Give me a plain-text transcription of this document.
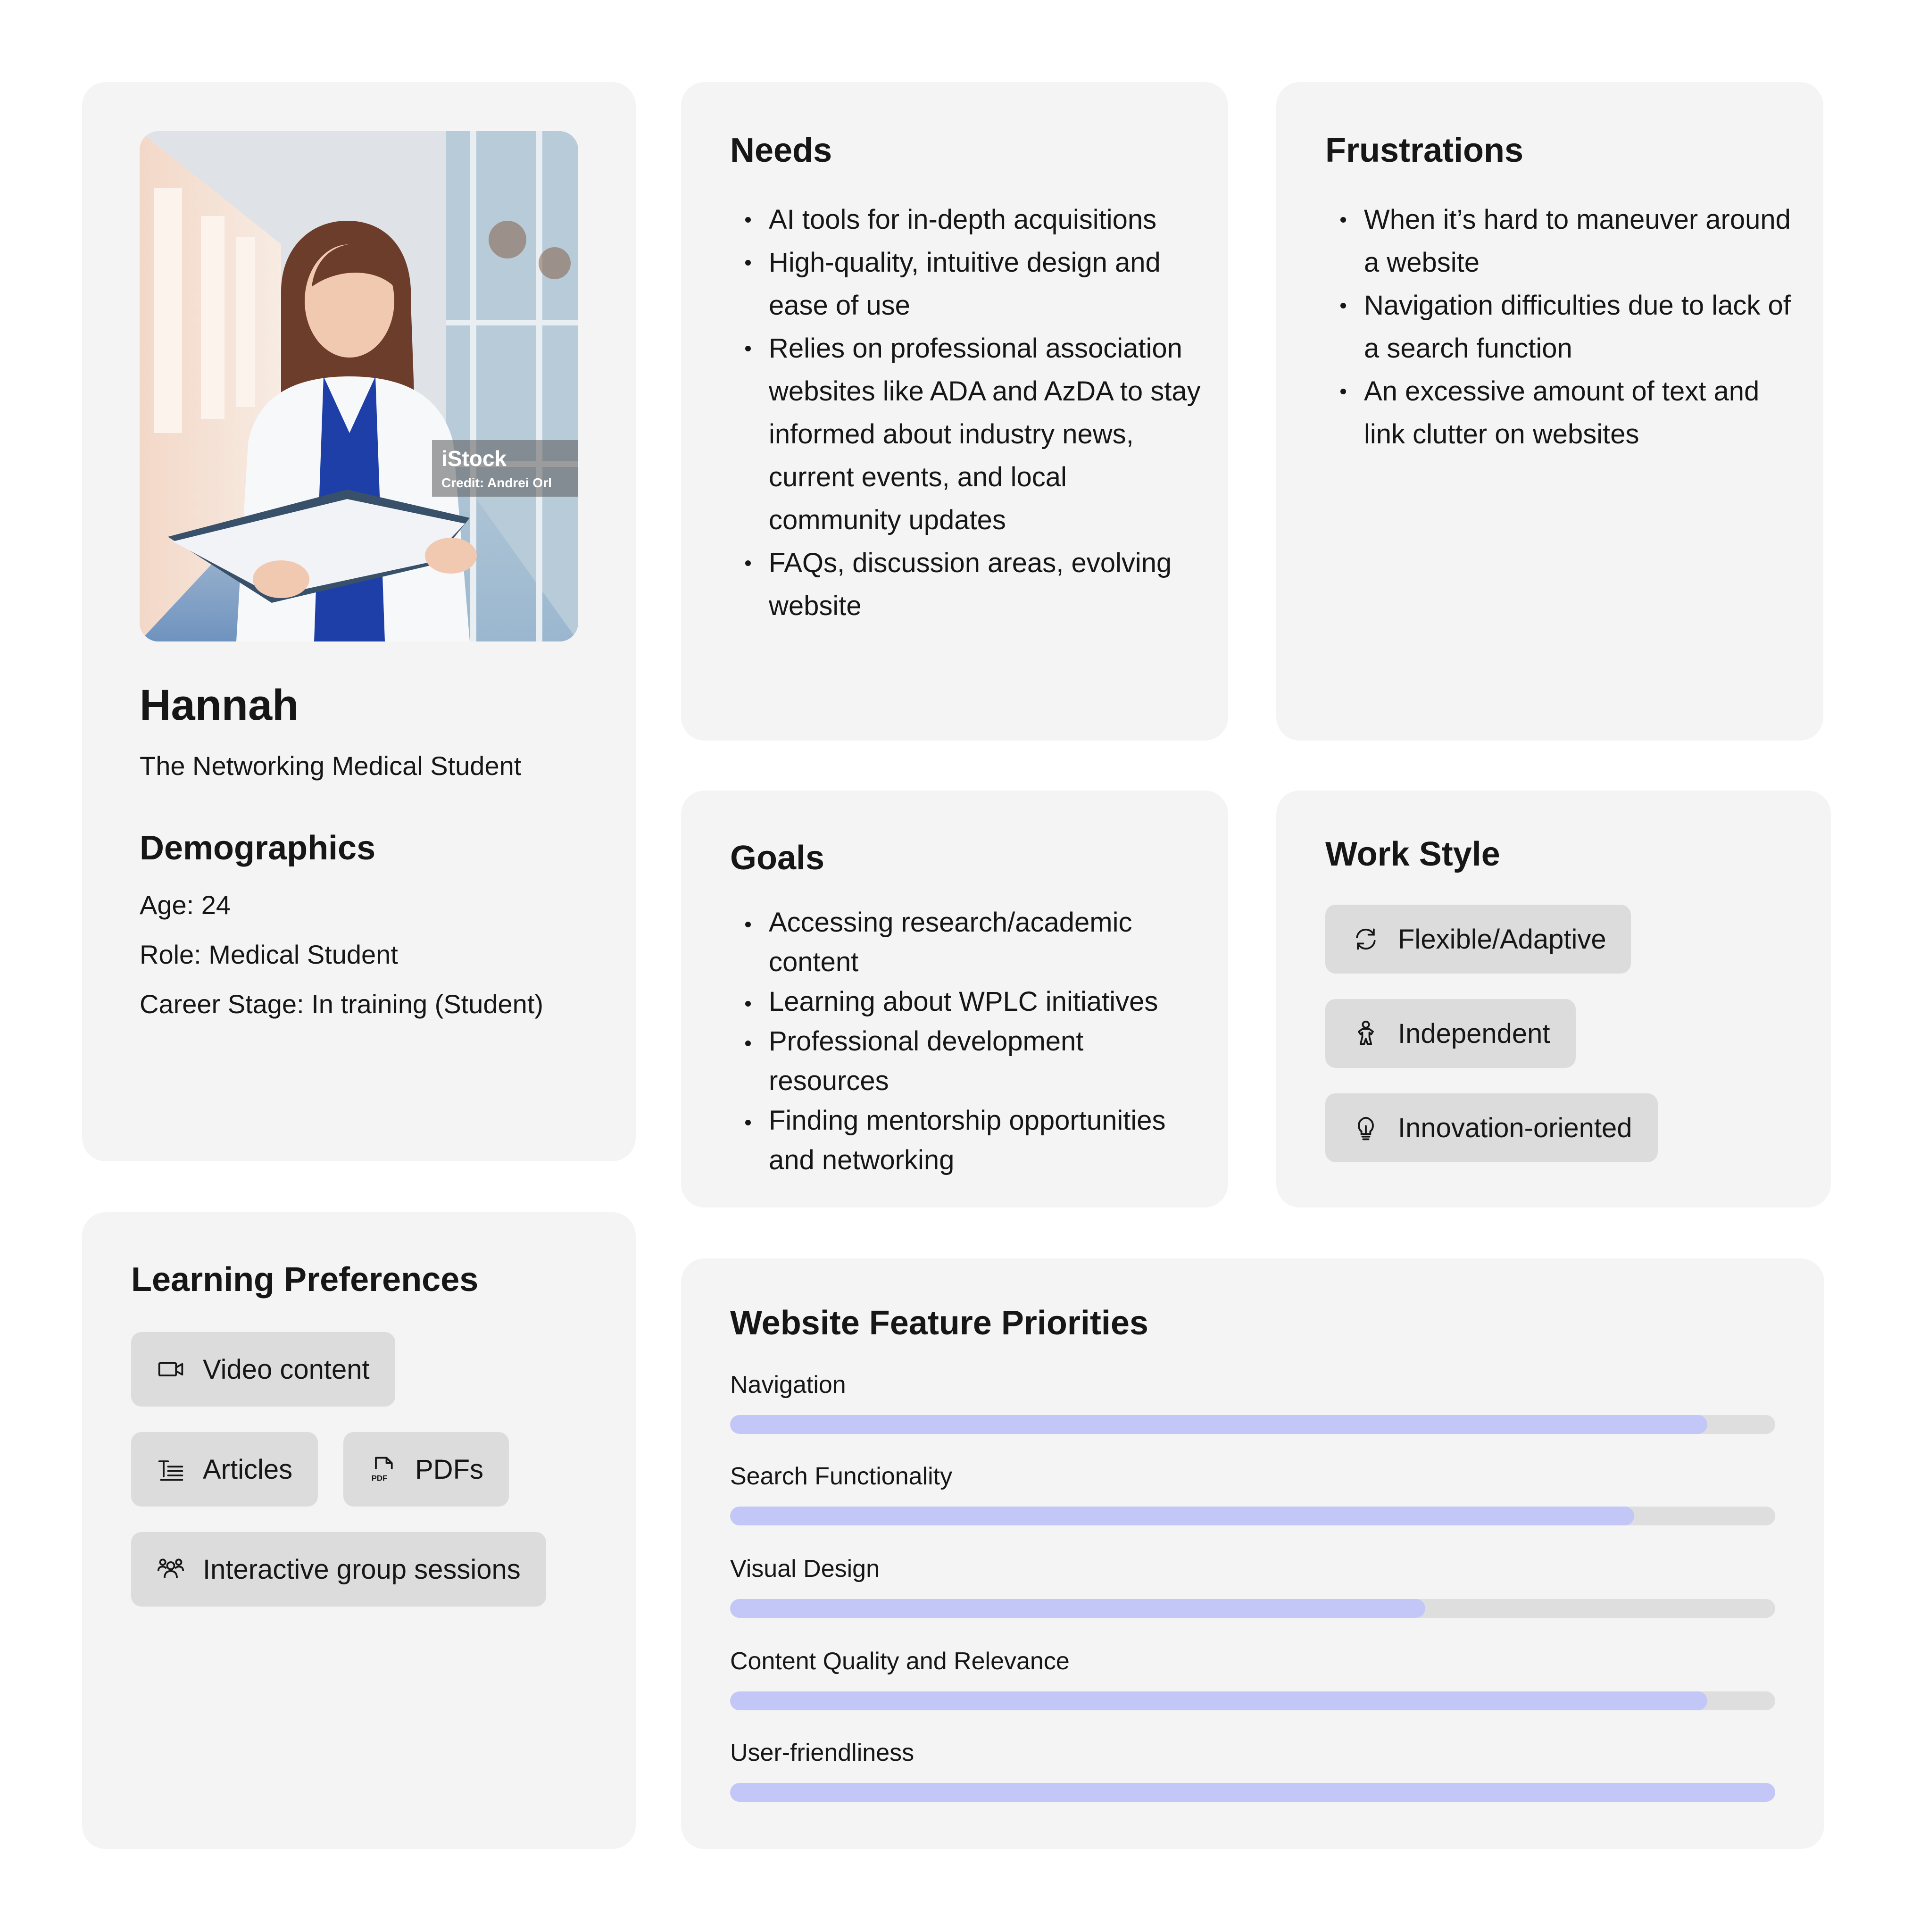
iStock
Credit: Andrei Orl
Hannah
The Networking Medical Student
Demographics
Age: 24
Role: Medical Student
Career Stage: In training (Student)
Needs
AI tools for in-depth acquisitions
High-quality, intuitive design and ease of use
Relies on professional association websites like ADA and AzDA to stay informed about industry news, current events, and local community updates
FAQs, discussion areas, evolving website
Frustrations
When it’s hard to maneuver around a website
Navigation difficulties due to lack of a search function
An excessive amount of text and link clutter on websites
Goals
Accessing research/academic content
Learning about WPLC initiatives
Professional development resources
Finding mentorship opportunities and networking
Work Style
Flexible/Adaptive
Independent
Innovation-oriented
Learning Preferences
Video content
Articles	PDF PDFs
Interactive group sessions
Website Feature Priorities
Navigation
Search Functionality
Visual Design
Content Quality and Relevance
User-friendliness
